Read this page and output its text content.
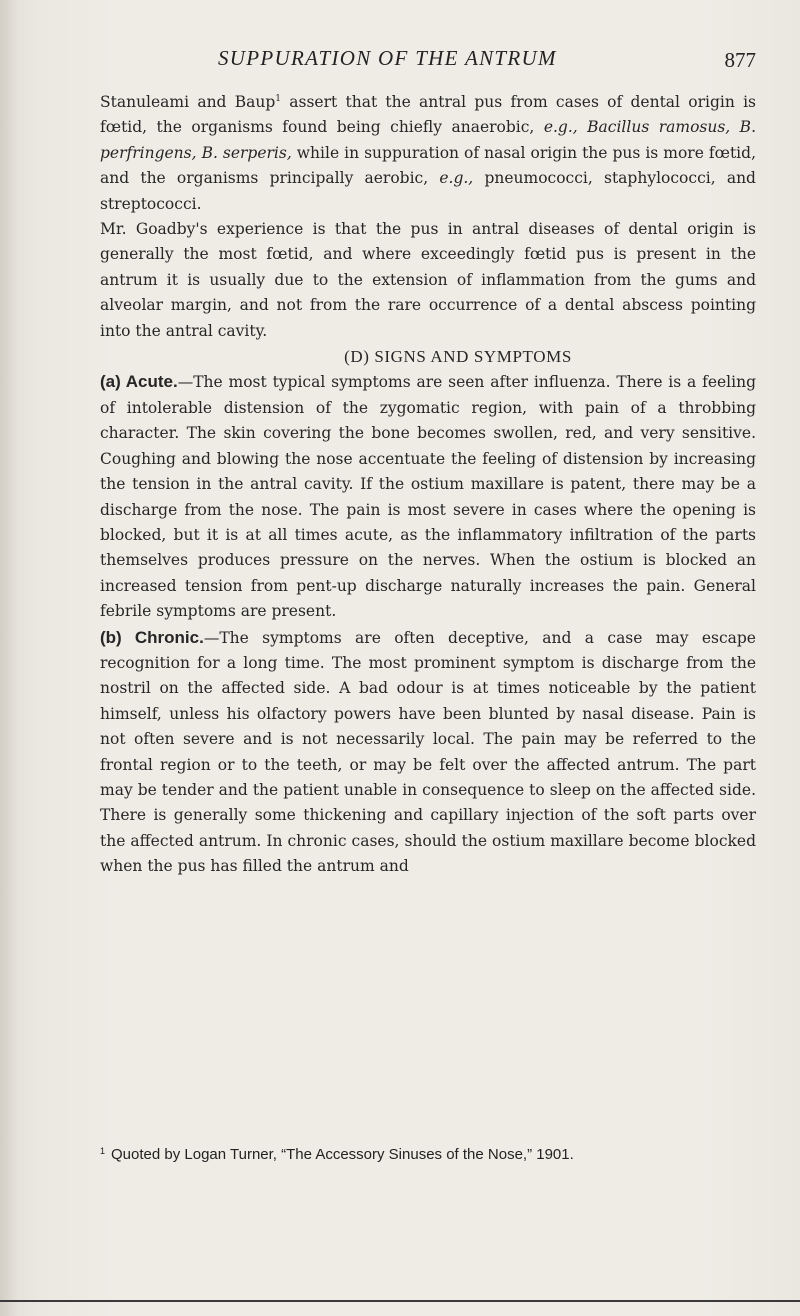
SUPPURATION OF THE ANTRUM	877

Stanuleami and Baup$^1$ assert that the antral pus from cases of dental origin is fœtid, the organisms found being chiefly anaerobic, e.g., Bacillus ramosus, B. perfringens, B. serperis, while in suppuration of nasal origin the pus is more fœtid, and the organisms principally aerobic, e.g., pneumococci, staphylococci, and streptococci.

Mr. Goadby's experience is that the pus in antral diseases of dental origin is generally the most fœtid, and where exceedingly fœtid pus is present in the antrum it is usually due to the extension of inflammation from the gums and alveolar margin, and not from the rare occurrence of a dental abscess pointing into the antral cavity.

(D) SIGNS AND SYMPTOMS

(a) Acute.—The most typical symptoms are seen after influenza. There is a feeling of intolerable distension of the zygomatic region, with pain of a throbbing character. The skin covering the bone becomes swollen, red, and very sensitive. Coughing and blowing the nose accentuate the feeling of distension by increasing the tension in the antral cavity. If the ostium maxillare is patent, there may be a discharge from the nose. The pain is most severe in cases where the opening is blocked, but it is at all times acute, as the inflammatory infiltration of the parts themselves produces pressure on the nerves. When the ostium is blocked an increased tension from pent-up discharge naturally increases the pain. General febrile symptoms are present.

(b) Chronic.—The symptoms are often deceptive, and a case may escape recognition for a long time. The most prominent symptom is discharge from the nostril on the affected side. A bad odour is at times noticeable by the patient himself, unless his olfactory powers have been blunted by nasal disease. Pain is not often severe and is not necessarily local. The pain may be referred to the frontal region or to the teeth, or may be felt over the affected antrum. The part may be tender and the patient unable in consequence to sleep on the affected side. There is generally some thickening and capillary injection of the soft parts over the affected antrum. In chronic cases, should the ostium maxillare become blocked when the pus has filled the antrum and

$^1$ Quoted by Logan Turner, “The Accessory Sinuses of the Nose,” 1901.
